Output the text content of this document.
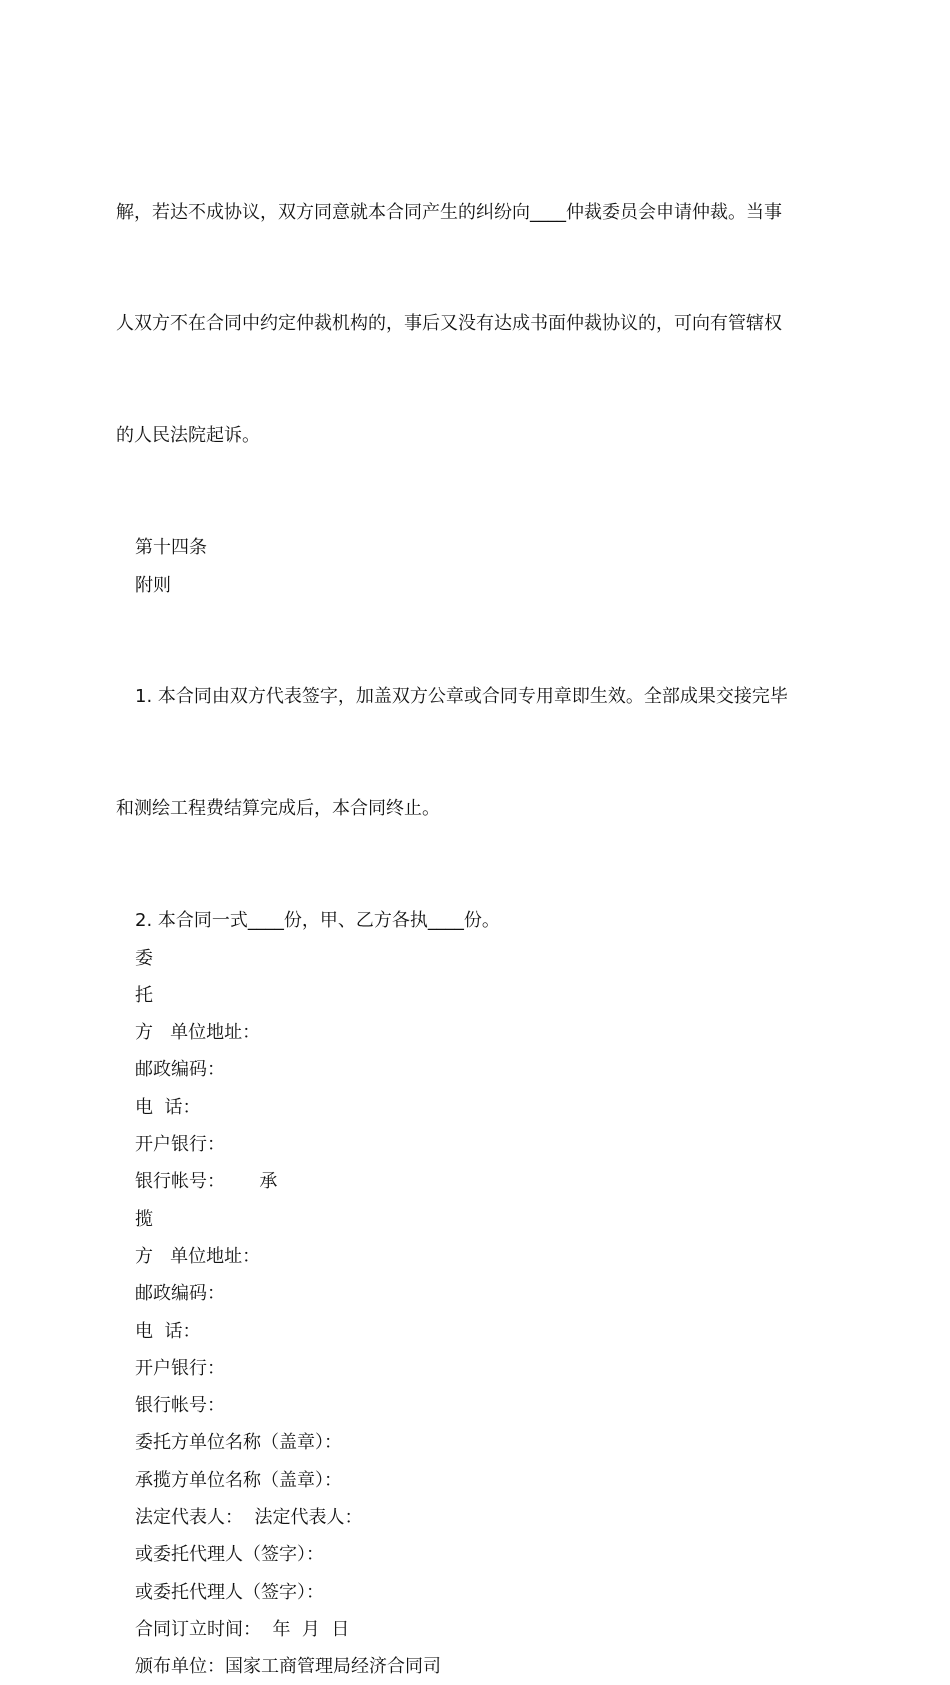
解，若达不成协议，双方同意就本合同产生的纠纷向____仲裁委员会申请仲裁。当事

人双方不在合同中约定仲裁机构的，事后又没有达成书面仲裁协议的，可向有管辖权

的人民法院起诉。

第十四条
附则

1. 本合同由双方代表签字，加盖双方公章或合同专用章即生效。全部成果交接完毕

和测绘工程费结算完成后，本合同终止。

2. 本合同一式____份，甲、乙方各执____份。
委
托
方   单位地址：
邮政编码：
电  话：
开户银行：
银行帐号：      承
揽
方   单位地址：
邮政编码：
电  话：
开户银行：
银行帐号：
委托方单位名称（盖章）：
承揽方单位名称（盖章）：
法定代表人：  法定代表人：
或委托代理人（签字）：
或委托代理人（签字）：
合同订立时间：  年  月  日
颁布单位：国家工商管理局经济合同司
